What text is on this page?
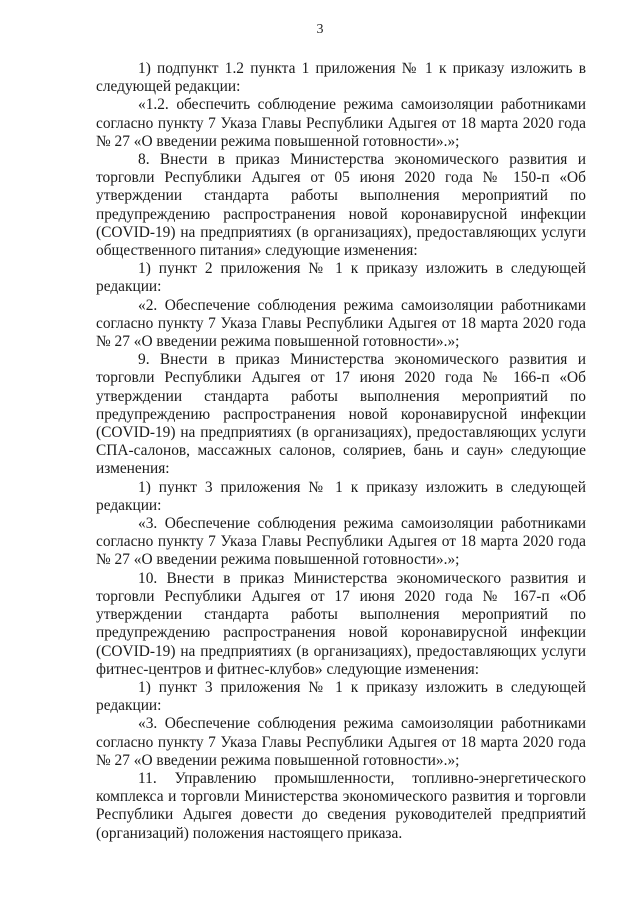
3

1) подпункт 1.2 пункта 1 приложения № 1 к приказу изложить в следующей редакции:

«1.2. обеспечить соблюдение режима самоизоляции работниками согласно пункту 7 Указа Главы Республики Адыгея от 18 марта 2020 года № 27 «О введении режима повышенной готовности».»;

8. Внести в приказ Министерства экономического развития и торговли Республики Адыгея от 05 июня 2020 года № 150-п «Об утверждении стандарта работы выполнения мероприятий по предупреждению распространения новой коронавирусной инфекции (COVID-19) на предприятиях (в организациях), предоставляющих услуги общественного питания» следующие изменения:

1) пункт 2 приложения № 1 к приказу изложить в следующей редакции:

«2. Обеспечение соблюдения режима самоизоляции работниками согласно пункту 7 Указа Главы Республики Адыгея от 18 марта 2020 года № 27 «О введении режима повышенной готовности».»;

9. Внести в приказ Министерства экономического развития и торговли Республики Адыгея от 17 июня 2020 года № 166-п «Об утверждении стандарта работы выполнения мероприятий по предупреждению распространения новой коронавирусной инфекции (COVID-19) на предприятиях (в организациях), предоставляющих услуги СПА-салонов, массажных салонов, соляриев, бань и саун» следующие изменения:

1) пункт 3 приложения № 1 к приказу изложить в следующей редакции:

«3. Обеспечение соблюдения режима самоизоляции работниками согласно пункту 7 Указа Главы Республики Адыгея от 18 марта 2020 года № 27 «О введении режима повышенной готовности».»;

10. Внести в приказ Министерства экономического развития и торговли Республики Адыгея от 17 июня 2020 года № 167-п «Об утверждении стандарта работы выполнения мероприятий по предупреждению распространения новой коронавирусной инфекции (COVID-19) на предприятиях (в организациях), предоставляющих услуги фитнес-центров и фитнес-клубов» следующие изменения:

1) пункт 3 приложения № 1 к приказу изложить в следующей редакции:

«3. Обеспечение соблюдения режима самоизоляции работниками согласно пункту 7 Указа Главы Республики Адыгея от 18 марта 2020 года № 27 «О введении режима повышенной готовности».»;

11. Управлению промышленности, топливно-энергетического комплекса и торговли Министерства экономического развития и торговли Республики Адыгея довести до сведения руководителей предприятий (организаций) положения настоящего приказа.
